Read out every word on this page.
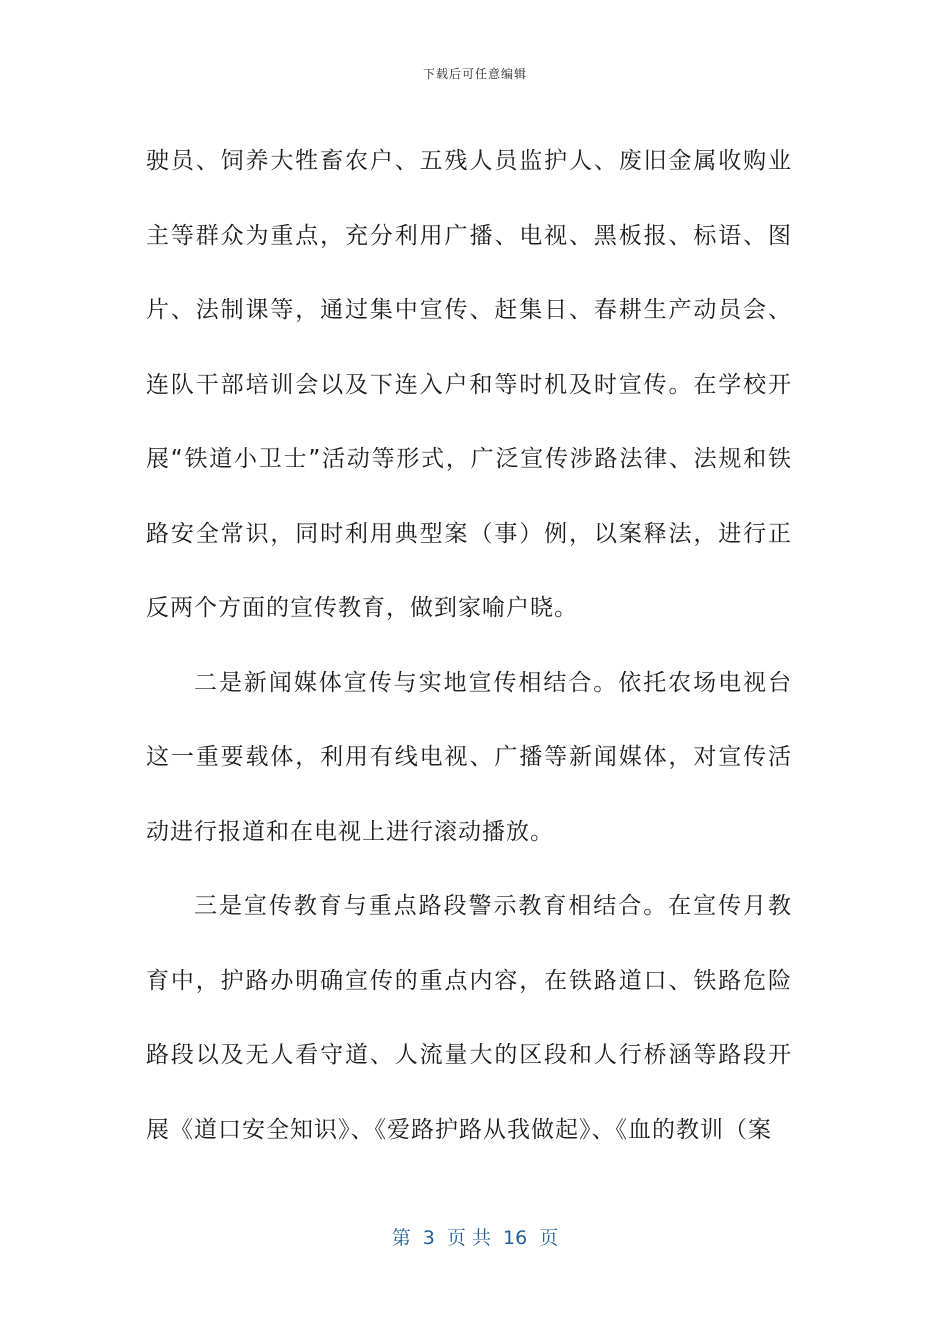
下载后可任意编辑

驶员、饲养大牲畜农户、五残人员监护人、废旧金属收购业主等群众为重点，充分利用广播、电视、黑板报、标语、图片、法制课等，通过集中宣传、赶集日、春耕生产动员会、连队干部培训会以及下连入户和等时机及时宣传。在学校开展“铁道小卫士”活动等形式，广泛宣传涉路法律、法规和铁路安全常识，同时利用典型案（事）例，以案释法，进行正反两个方面的宣传教育，做到家喻户晓。

二是新闻媒体宣传与实地宣传相结合。依托农场电视台这一重要载体，利用有线电视、广播等新闻媒体，对宣传活动进行报道和在电视上进行滚动播放。

三是宣传教育与重点路段警示教育相结合。在宣传月教育中，护路办明确宣传的重点内容，在铁路道口、铁路危险路段以及无人看守道、人流量大的区段和人行桥涵等路段开展《道口安全知识》、《爱路护路从我做起》、《血的教训（案

第  3  页 共  16  页
